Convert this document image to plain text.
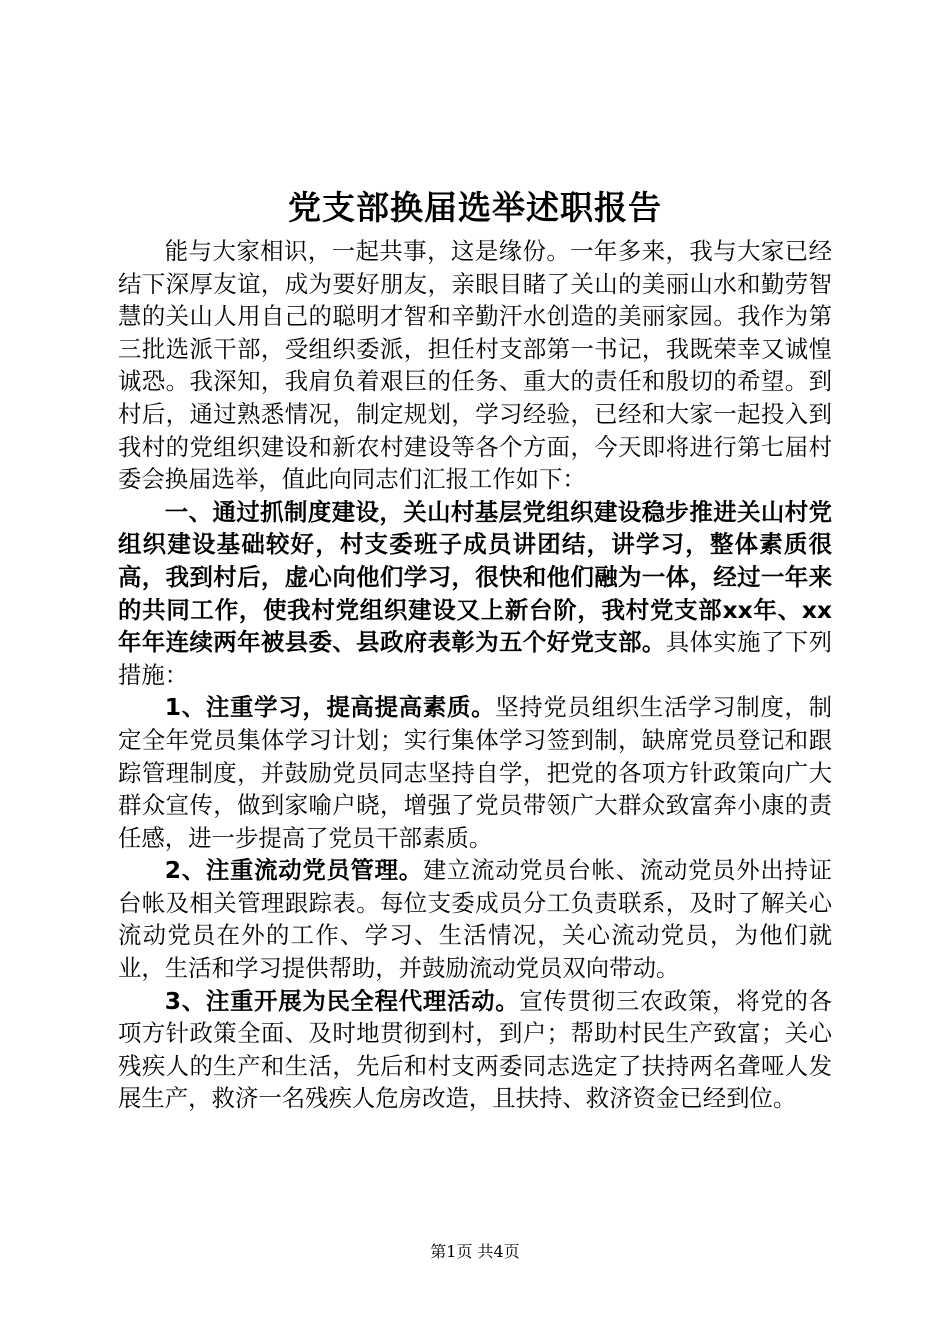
党支部换届选举述职报告

能与大家相识，一起共事，这是缘份。一年多来，我与大家已经结下深厚友谊，成为要好朋友，亲眼目睹了关山的美丽山水和勤劳智慧的关山人用自己的聪明才智和辛勤汗水创造的美丽家园。我作为第三批选派干部，受组织委派，担任村支部第一书记，我既荣幸又诚惶诚恐。我深知，我肩负着艰巨的任务、重大的责任和殷切的希望。到村后，通过熟悉情况，制定规划，学习经验，已经和大家一起投入到我村的党组织建设和新农村建设等各个方面，今天即将进行第七届村委会换届选举，值此向同志们汇报工作如下：

一、通过抓制度建设，关山村基层党组织建设稳步推进关山村党组织建设基础较好，村支委班子成员讲团结，讲学习，整体素质很高，我到村后，虚心向他们学习，很快和他们融为一体，经过一年来的共同工作，使我村党组织建设又上新台阶，我村党支部xx年、xx年年连续两年被县委、县政府表彰为五个好党支部。具体实施了下列措施：

1、注重学习，提高提高素质。坚持党员组织生活学习制度，制定全年党员集体学习计划；实行集体学习签到制，缺席党员登记和跟踪管理制度，并鼓励党员同志坚持自学，把党的各项方针政策向广大群众宣传，做到家喻户晓，增强了党员带领广大群众致富奔小康的责任感，进一步提高了党员干部素质。

2、注重流动党员管理。建立流动党员台帐、流动党员外出持证台帐及相关管理跟踪表。每位支委成员分工负责联系，及时了解关心流动党员在外的工作、学习、生活情况，关心流动党员，为他们就业，生活和学习提供帮助，并鼓励流动党员双向带动。

3、注重开展为民全程代理活动。宣传贯彻三农政策，将党的各项方针政策全面、及时地贯彻到村，到户；帮助村民生产致富；关心残疾人的生产和生活，先后和村支两委同志选定了扶持两名聋哑人发展生产，救济一名残疾人危房改造，且扶持、救济资金已经到位。

第1页 共4页
